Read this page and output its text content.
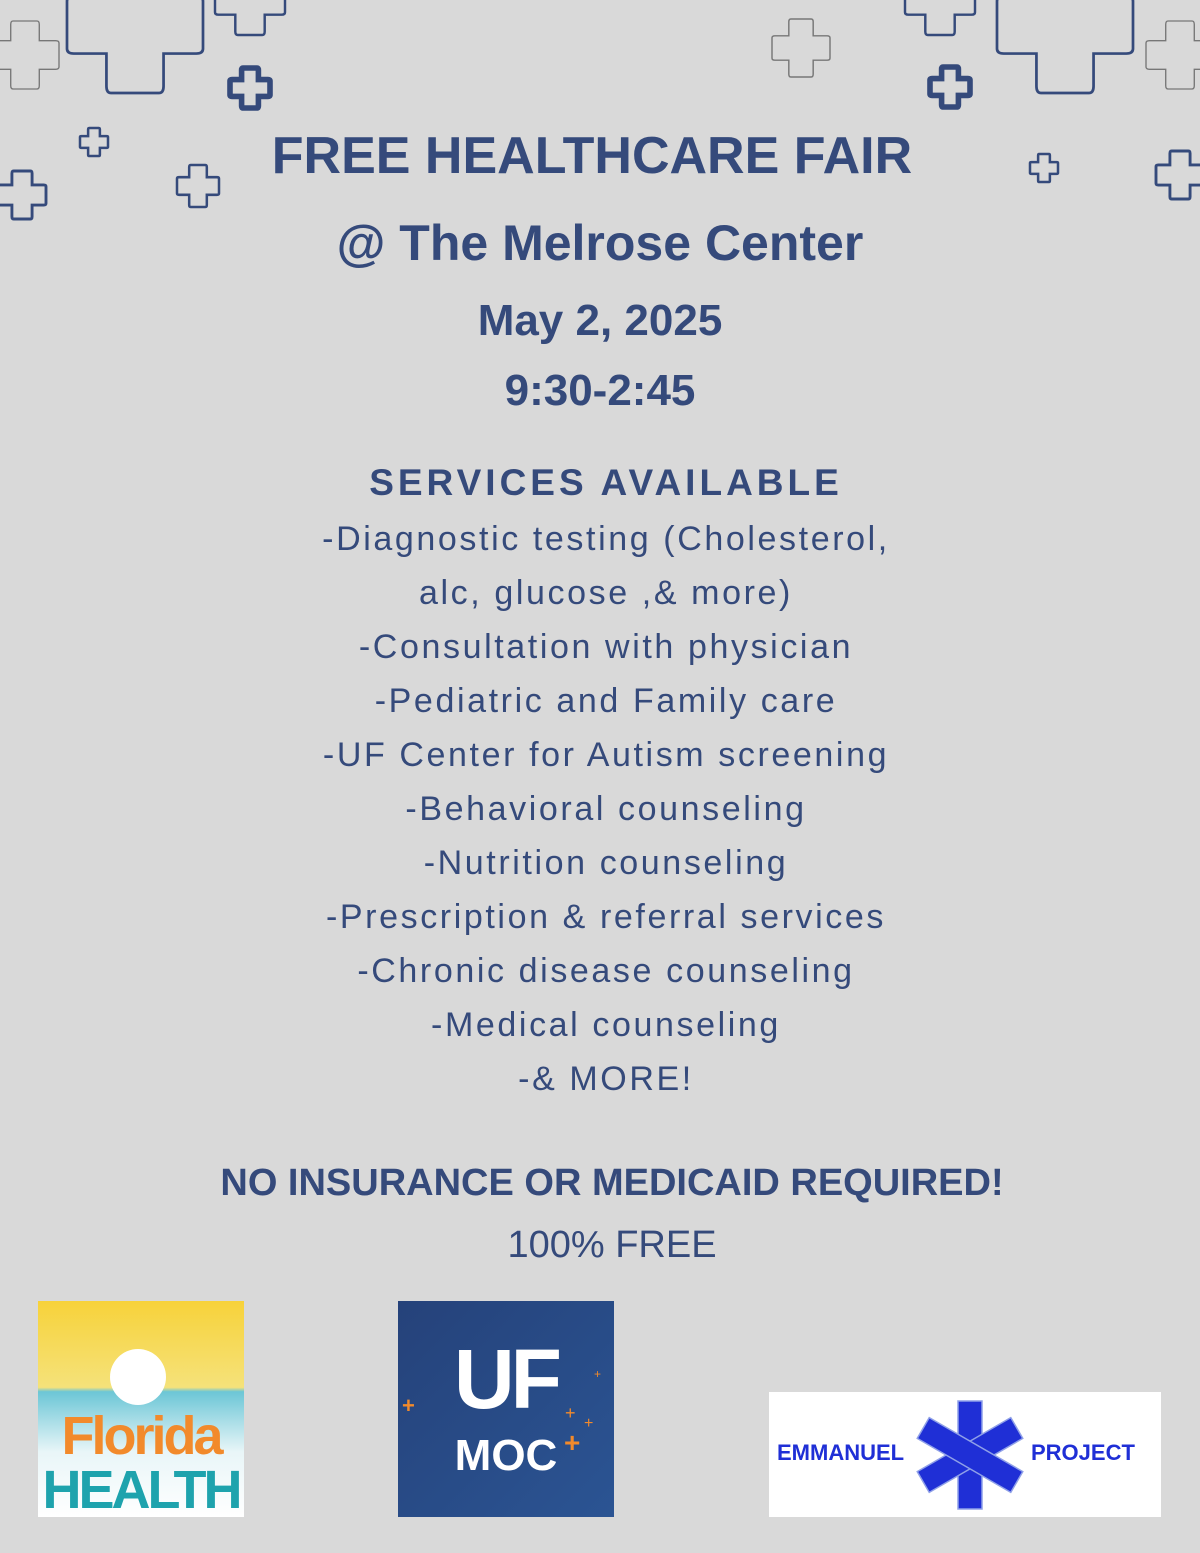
FREE HEALTHCARE FAIR
@ The Melrose Center
May 2, 2025
9:30-2:45
SERVICES AVAILABLE
-Diagnostic testing (Cholesterol,
alc, glucose ,& more)
-Consultation with physician
-Pediatric and Family care
-UF Center for Autism screening
-Behavioral counseling
-Nutrition counseling
-Prescription & referral services
-Chronic disease counseling
-Medical counseling
-& MORE!
NO INSURANCE OR MEDICAID REQUIRED!
100% FREE
Florida
HEALTH
UF
MOC
+	+
+
+
+
EMMANUEL	PROJECT
